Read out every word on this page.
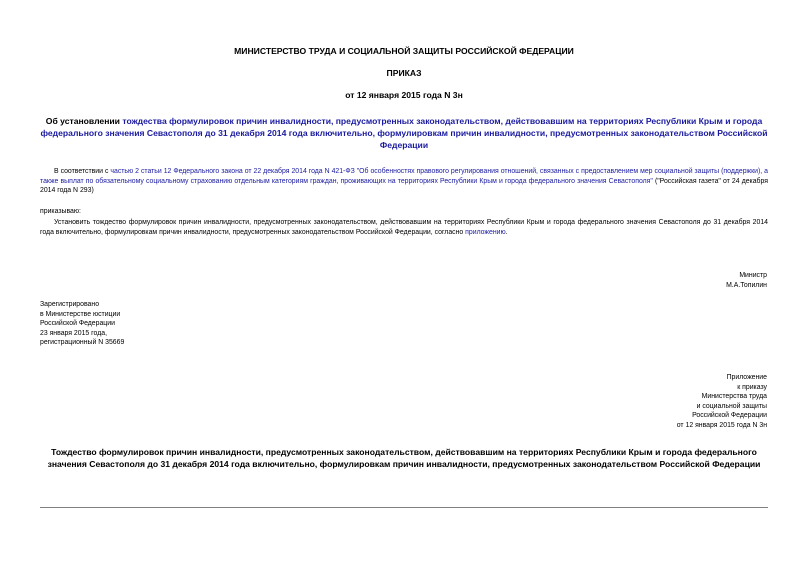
МИНИСТЕРСТВО ТРУДА И СОЦИАЛЬНОЙ ЗАЩИТЫ РОССИЙСКОЙ ФЕДЕРАЦИИ
ПРИКАЗ
от 12 января 2015 года N 3н
Об установлении тождества формулировок причин инвалидности, предусмотренных законодательством, действовавшим на территориях Республики Крым и города федерального значения Севастополя до 31 декабря 2014 года включительно, формулировкам причин инвалидности, предусмотренных законодательством Российской Федерации
В соответствии с частью 2 статьи 12 Федерального закона от 22 декабря 2014 года N 421-ФЗ "Об особенностях правового регулирования отношений, связанных с предоставлением мер социальной защиты (поддержки), а также выплат по обязательному социальному страхованию отдельным категориям граждан, проживающих на территориях Республики Крым и города федерального значения Севастополя" ("Российская газета" от 24 декабря 2014 года N 293)
приказываю:
Установить тождество формулировок причин инвалидности, предусмотренных законодательством, действовавшим на территориях Республики Крым и города федерального значения Севастополя до 31 декабря 2014 года включительно, формулировкам причин инвалидности, предусмотренных законодательством Российской Федерации, согласно приложению.
Министр
М.А.Топилин
Зарегистрировано
в Министерстве юстиции
Российской Федерации
23 января 2015 года,
регистрационный N 35669
Приложение
к приказу
Министерства труда
и социальной защиты
Российской Федерации
от 12 января 2015 года N 3н
Тождество формулировок причин инвалидности, предусмотренных законодательством, действовавшим на территориях Республики Крым и города федерального значения Севастополя до 31 декабря 2014 года включительно, формулировкам причин инвалидности, предусмотренных законодательством Российской Федерации
